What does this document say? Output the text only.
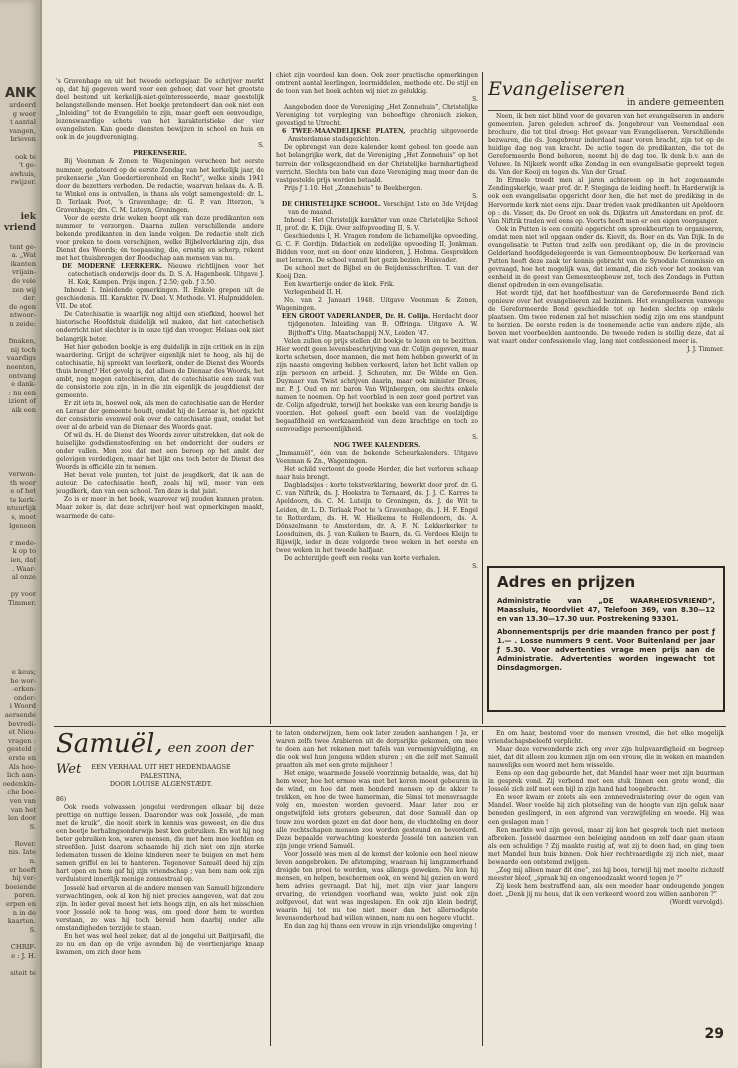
ANK
ardeerd
g weer
t aantal
vangen,
brieven

ook te
't ge-
awhuis,
rwijzer.
iek
vriend

tent ge-
a. „Wat
ikanten
vrijain-
de vele
zen wij
der.
de ogen
ntwoor-
n zeide:

fmaken,
nij toch
vaardigs
neenten,
ontvang
e dank-
: nu een
izient of
aik een
verwon-
th weer
e of het
te kerk-
ntuurlijk
s, moet
lgeneen

r mede-
k op to
ien, dat
. Waar-
al onze

py voor
Timmer.
e keus;
he wor-
-erken-
onder-
i Woord
aersende
bevredi-
et Nieu-
vragen :
gesteld :
erste en
Als hoe-
lich aan-
oedenkin-
che boe-
ven van
van het
len door
S.

Rover.
nis. Iate
n.
er heeft
hij ver-
boeiende
paren.
erpen en
n in de
kaarten.
S.

CHRIF-
e : J. H.

siteit te

's Gravenhage en uit het tweede oorlogsjaar. De schrijver merkt op, dat hij gegeven werd voor een gehoor, dat voor het grootste deel bestond uit kerkelijk-niet-geïnteresseerde, maar geestelijk belangstellende mensen. Het boekje pretendeert dan ook niet een „Inleiding” tot de Evangeliën te zijn, maar geeft een eenvoudige, lezenswaardige schets van het karakteristieke der vier evangelisten. Kan goede diensten bewijzen in school en huis en ook in de jeugdvereniging.

S.

PREKENSERIE.

Bij Veenman & Zonen te Wageningen verscheen het eerste nummer, gedateerd op de eerste Zondag van het kerkelijk jaar, de prekenserie „Van Goedertierenheid en Recht”, welke sinds 1941 door de bezetters verboden. De redactie, waarvan helaas ds. A. B. te Winkel ons is ontvallen, is thans als volgt samengesteld: dr. L. D. Terlaak Poot, 's Gravenhage; dr. G. P. van Itterzon, 's Gravenhage; drs. C. M. Luteyn, Groningen.

Voor de eerste drie weken hoopt elk van deze predikanten een nummer te verzorgen. Daarna zullen verschillende andere bekende predikanten in den lande volgen. De redactie stelt zich voor preken te doen verschijnen, welke Bijbelverklaring zijn, dus Dienst des Woords; én toepassing, die, ernstig en scherp, rekent met het thuisbrengen der Boodschap aan mensen van nu.

DE MODERNE LEERKERK. Nieuwe richtlijnen voor het catechetisch onderwijs door ds. D. S. A. Hagenbeek. Uitgave J. H. Kok, Kampen. Prijs ingen. ƒ 2.50; geb. ƒ 3.50.

Inhoud: I. Inleidende opmerkingen. II. Enkele grepen uit de geschiedenis. III. Karakter. IV. Doel. V. Methode. VI. Hulpmiddelen. VII. De stof.

De Catechisatie is waarlijk nog altijd een stiefkind, hoewel het historische Hoofdstuk duidelijk wil maken, dat het catechetisch onderricht niet slechter is in onze tijd dan vroeger. Helaas ook niet belangrijk beter.

Het hier geboden boekje is erg duidelijk in zijn critiek en in zijn waardering. Grijpt de schrijver eigenlijk niet te hoog, als hij de catechisatie, hij spreekt van leerkerk, onder de Dienst des Woords thuis brengt? Het gevolg is, dat alleen de Dienaar des Woords, het ambt, nog mogen catechiseren, dat de catechisatie een zaak van de consistorie zou zijn, in in die zin eigenlijk de jeugddienst der gemeente.

Er zit iets in, hoewel ook, als men de catechisatie aan de Herder en Leraar der gemeente houdt, omdat hij de Leraar is, het opzicht der consistorie evenwel ook over de catechisatie gaat, omdat het over al de arbeid van de Dienaar des Woords gaat.

Of wil ds. H. de Dienst des Woords zover uitstrekken, dat ook de huiselijke godsdienstoefening en het onderricht der ouders er onder vallen. Men zou dat met een beroep op het ambt der gelovigen verdedigen, maar het lijkt ons toch beter de Dienst des Woords in officiële zin te nemen.

Het bevat vele punten, tot juist de jeugdkerk, dat ik aan de auteur. De catechisatie heeft, zoals hij wil, meer van een jeugdkerk, dan van een school. Ten deze is dat juist.

Zo is er meer in het boek, waarover wij zouden kunnen praten. Maar zeker is, dat deze schrijver heel wat opmerkingen maakt, waarmede de cate-

chiet zijn voordeel kan doen. Ook zeer practische opmerkingen omtrent aantal leerlingen, leermiddelen, methode etc. De stijl en de toon van het boek achten wij niet zo gelukkig.

S.

Aangeboden door de Vereniging „Het Zonnehuis”, Christelijke Vereniging tot verpleging van behoeftige chronisch zieken, gevestigd te Utrecht.

6 TWEE-MAANDELIJKSE PLATEN, prachtig uitgevoerde Amsterdamse stadsgezichten.

De opbrengst van deze kalender komt geheel ten goede aan het belangrijke werk, dat de Vereniging „Het Zonnehuis” op het terrein der volksgezondheid en der Christelijke barmhartigheid verricht. Slechts ten bate van deze Vereniging mag meer dan de vastgestelde prijs worden betaald.

Prijs ƒ 1.10. Het „Zonnehuis” te Beekbergen.

S.

DE CHRISTELIJKE SCHOOL. Verschijnt 1ste en 3de Vrijdag van de maand.

Inhoud : Het Christelijk karakter van onze Christelijke School II, prof. dr. K. Dijk. Over zelfopvoeding II, S. V.

Geschiedenis I, H. Vragen rondom de lichamelijke opvoeding, G. C. F. Gordijn. Didactiek en zedelijke opvoeding II, Jonkman. Bidden voor, met en door onze kinderen, J. Hobma. Gesprekken met leraren. De school vanuit het gezin bezien. Huisvader.

De school met de Bijbel en de Beijdenisschriften. T. van der Kooij Dzn.

Een kwartierije onder de kiek. Frik.

Verlegenheid II. H.

No. van 2 Januari 1948. Uitgave Veenman & Zonen, Wageningen.

EEN GROOT VADERLANDER, Dr. H. Colijn. Herdacht door tijdgenoten. Inleiding van B. Offringa. Uitgave A. W. Bijthoff's Uitg. Maatschappij N.V., Leiden '47.

Velen zullen op prijs stellen dit boekje te lezen en te bezitten. Hier wordt geen levensbeschrijving van dr. Colijn gegeven, maar korte schetsen, door mannen, die met hem hebben gewerkt of in zijn naaste omgeving hebben verkeerd, laten het licht vallen op zijn persoon en arbeid. J. Schouten, mr. De Wilde en Gen. Duymaer van Twist schrijven daarin, maar ook minister Drees, mr. P. J. Oud en mr. baron Van Wijnbergen, om slechts enkele namen te noemen. Op het voorblad is een zeer goed portret van dr. Colijn afgedrukt, terwijl het boekske van een keurig bandje is voorzien. Het geheel geeft een beeld van de veelzijdige begaafdheid en werkzaamheid van deze krachtige en toch zo eenvoudige persoonlijkheid.

S.

NOG TWEE KALENDERS.

„Immanuël”, één van de bekende Scheurkalenders. Uitgave Veenman & Zn., Wageningen.

Het schild vertoont de goede Herder, die het verloren schaap naar huis brengt.

Dagbladsijes : korte tekstverklaring, bewerkt door prof. dr. G. C. van Niftrik, ds. J. Hoekstra te Ternaard, ds. J. J. C. Karres te Apeldoorn, ds. C. M. Luteijn te Groningen, ds. J. de Wit te Leiden, dr. L. D. Terlaak Poot te 's Gravenhage, ds. J. H. F. Engel te Rotterdam, ds. H. W. Hielkema te Hellendoorn, ds. A. Dönszelmann te Amsterdam, dr. A. F. N. Lekkerkerker te Loosduinen, ds. J. van Kuiken te Baarn, ds. G. Verdoes Kleijn te Rijswijk, ieder in deze volgorde twee weken in het eerste en twee weken in het tweede halfjaar.

De achterzijde geeft een reeks van korte verhalen.

S.

Evangeliseren
in andere gemeenten

Neen, ik ben niet blind voor de gevaren van het evangeliseren in andere gemeenten. Jaren geleden schreef ds. Jongebreur van Veenendaal een brochure, die tot titel droeg: Het gevaar van Evangeliseren. Verschillende bezwaren, die ds. Jongebreur inderdaad naar voren bracht, zijn tot op de huidige dag nog van kracht. De actie tegen de predikanten, die tot de Gereformeerde Bond behoren, neemt bij de dag toe. Ik denk b.v. aan de Veluwe. In Nijkerk wordt elke Zondag in een evangelisatie gepreekt tegen ds. Van der Kooij en tegen ds. Van der Graaf.

In Ermelo treedt men al jaren achtereen op in het zogenaamde Zendingskerkje, waar prof. dr. P. Steginga de leiding heeft. In Harderwijk is ook een evangelisatie opgericht door hen, die het met de prediking in de Hervormde kerk niet eens zijn. Daar treden vaak predikanten uit Apeldoorn op : ds. Visser, ds. De Groot en ook ds. Dijkstra uit Amsterdam en prof. dr. Van Niftrik traden wel eens op. Voorts heeft men er een eigen voorganger.

Ook in Putten is een comité opgericht om spreekbeurten te organiseren, omdat men niet wil opgaan onder ds. Kievit, ds. Boer en ds. Van Dijk. In de evangelisatie te Putten trad zelfs een predikant op, die in de provincie Gelderland hoofdgedelegeerde is van Gemeenteopbouw. De kerkeraad van Putten heeft deze zaak ter kennis gebracht van de Synodale Commissie en gevraagd, hoe het mogelijk was, dat iemand, die zich voor het zoeken van eenheid in de geest van Gemeenteopbouw zet, toch des Zondags in Putten dienst opdreden in een evangelisatie.

Het wordt tijd, dat het hoofdbestuur van de Gereformeerde Bond zich opnieuw over het evangeliseren zal bezinnen. Het evangeliseren vanwege de Gereformeerde Bond geschiedde tot op heden slechts op enkele plaatsen. Om twee redenen zal het misschien nodig zijn om ons standpunt te herzien. De eerste reden is de toenemende actie van andere zijde, als boven met voorbeelden aantoonde. De tweede reden is stellig deze, dat al wat vaart onder confessionele vlag, lang niet confessioneel meer is.

J. J. Timmer.

Adres en prijzen

Administratie van „DE WAARHEIDSVRIEND”, Maassluis, Noordvliet 47, Telefoon 369, van 8.30—12 en van 13.30—17.30 uur. Postrekening 93301.

Abonnementsprijs per drie maanden franco per post ƒ 1.— . Losse nummers 9 cent. Voor Buitenland per jaar ƒ 5.30. Voor advertenties vrage men prijs aan de Administratie. Advertenties worden ingewacht tot Dinsdagmorgen.

Samuël, een zoon der Wet	EEN VERHAAL UIT HET HEDENDAAGSE
PALESTINA,
DOOR LOUISE ALGENSTÆDT.

86)

Ook reeds volwassen jongelui verdrongen elkaar bij deze prettige en nuttige lessen. Daaronder was ook Josselé, „de man met de kruik”, die nooit sterk in kennis was geweest, en die dus een beetje herhalingsonderwijs best kon gebruiken. En wat hij nog beter gebruiken kon, waren mensen, die met hem mee leefden en streefden. Juist daarom schaamde hij zich niet om zijn sterke ledematen tussen de kleine kinderen neer te buigen en met hem samen griffel en lei te hanteren. Tegenover Samuël deed hij zijn hart open en hem gaf hij zijn vriendschap ; van hem nam ook zijn verduisterd innerlijk menige zonnestraal op.

Josselé had ervaren al de andere mensen van Samuël bijzondere verwachtingen, ook al kon hij niet precies aangeven, wat dat zou zijn. In ieder geval moest het iets hoogs zijn, en als het misschien voor Josselé ook te hoog was, om goed door hem te worden verstaan, zo was hij toch bereid hem daarbij onder alle omstandigheden terzijde te staan.

En het was wel heel zeker, dat al de jongelui uit Baitjirsafil, die zo nu en dan op de vrije avonden bij de veertienjarige knaap kwamen, om zich door hem

te laten onderwijzen, hem ook later zouden aanhangen ! Ja, er waren zelfs twee Arabieren uit de dorpsrijke gekomen, om mee te doen aan het rekenen met tafels van vermenigvuldiging, en die ook wel hun jongens wilden sturen ; en die zelf met Samuël praatten als met een grote mijnheer !

Het enige, waarmede Josselé voorzinnig betaalde, was, dat hij hem weer, hoe het ermee was met het koren moest gebeuren in de wind, en hoe dat men honderd mensen op de akker te trekken, en hoe de twee hamerman, die Simsi tot mensvraagde volg en, moesten worden gevoerd. Maar later zou er ongetwijfeld iets groters gebeuren, dat door Samuël dan op touw zou worden gezet en dat door hem, de vluchteling en door alle rechtschapen mensen zou worden gesteund en bevorderd. Deze bepaalde verwachting koesterde Josselé ten aanzien van zijn jonge vriend Samuël.

Voor Josselé was men al de komst der kolonie een heel nieuw leven aangebroken. De afstomping, waaraan hij langzamerhand dreigde ten prooi te worden, was allengs geweken. Nu kon hij mensen, en helpen, beschermen ook, en wend hij gezien en werd hem advies gevraagd. Dat hij, met zijn vier jaar langere ervaring, de vriendgen voorhand was, wekte juist ook zijn zelfgevoel, dat wat was ingeslapen. En ook zijn klein bedrijf, waarin hij tot nu toe niet meer dan het allernodigste levensonderhoud had willen winnen, nam nu een hogere vlucht.

En dan zag hij thans een vrouw in zijn vriendelijke omgeving !

En om haar, bestemd voor de mensen vreemd, die het elke mogelijk vriendschapsbeleefd verplicht.

Maar deze verwonderde zich erg over zijn hulpvaardigheid en begreep niet, dat dit alleen zou kunnen zijn om een vrouw, die in weken en maanden nauwelijks een woord met hem wisselde.

Eens op een dag gebeurde het, dat Mandel haar weer met zijn buurman in gesprek vond. Zij verbond met een stuk linnen een grote wond, die Josselé zich zelf met een bijl in zijn hand had toegebracht.

En weer kwam er zoiets als een zonnevedraistering over de ogen van Mandel. Weer voelde hij zich plotseling van de hoogte van zijn geluk naar beneden geslingerd, in een afgrond van verzwijfeling en woede. Hij was een geslagen man !

Ren merkte wel zijn gevoel, maar zij kon het gesprek toch niet meteen afbreken. Josselé daarmee een beleiging aandoen en zelf daar gaan staan als een schuldige ? Zij maakte rustig af, wat zij te doen had, en ging toen met Mandel hun huis binnen. Ook hier rechtvaardigde zij zich niet, maar bewaarde een ontstemd zwijgen.

„Zeg mij alleen maar dit éne”, zei hij boos, terwijl hij met moeite zichzelf meester bleef, „spraak hij en ongenoodzaakt woord tegen je ?”

Zij keek hem bestraffend aan, als een moeder haar ondeugende jongen doet. „Denk jij nu heus, dat ik een verkeerd woord zou willen aanhoren ?”

(Wordt vervolgd).

29
